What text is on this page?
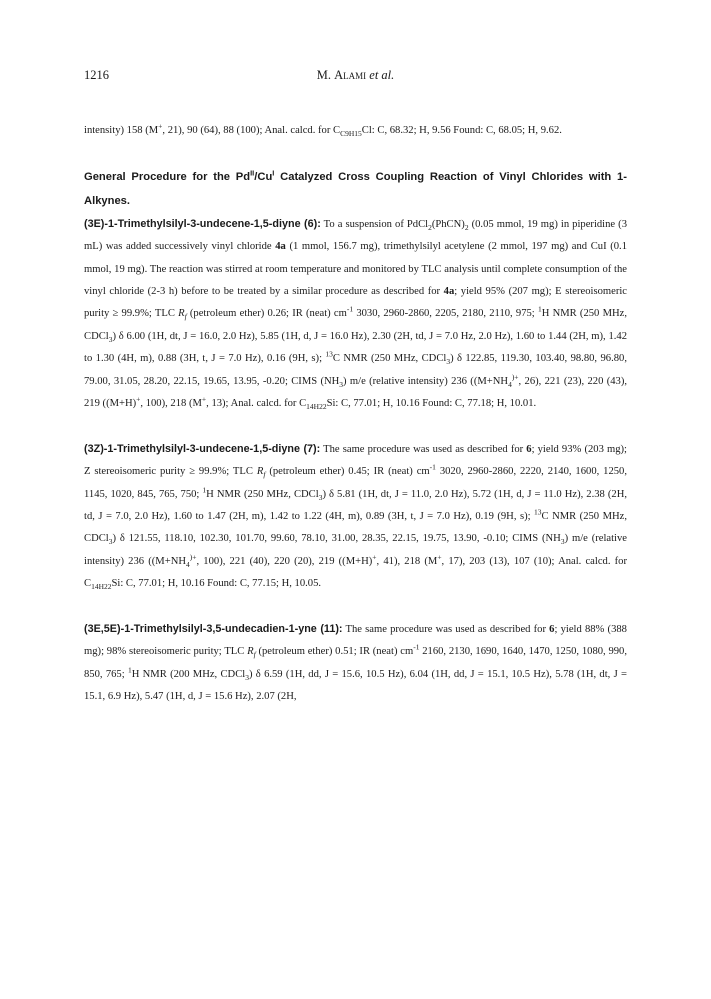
1216	M. Alami et al.

intensity) 158 (M+, 21), 90 (64), 88 (100); Anal. calcd. for $C_{C9H15}Cl$: C, 68.32; H, 9.56 Found: C, 68.05; H, 9.62.

General Procedure for the $Pd^{II}/Cu^I$ Catalyzed Cross Coupling Reaction of Vinyl Chlorides with 1-Alkynes.

(3E)-1-Trimethylsilyl-3-undecene-1,5-diyne (6): To a suspension of $PdCl_2(PhCN)_2$ (0.05 mmol, 19 mg) in piperidine (3 mL) was added successively vinyl chloride 4a (1 mmol, 156.7 mg), trimethylsilyl acetylene (2 mmol, 197 mg) and CuI (0.1 mmol, 19 mg). The reaction was stirred at room temperature and monitored by TLC analysis until complete consumption of the vinyl chloride (2-3 h) before to be treated by a similar procedure as described for 4a; yield 95% (207 mg); E stereoisomeric purity ≥ 99.9%; TLC $R_f$ (petroleum ether) 0.26; IR (neat) $cm^{-1}$ 3030, 2960-2860, 2205, 2180, 2110, 975; $^1$H NMR (250 MHz, CDCl$_3$) δ 6.00 (1H, dt, J = 16.0, 2.0 Hz), 5.85 (1H, d, J = 16.0 Hz), 2.30 (2H, td, J = 7.0 Hz, 2.0 Hz), 1.60 to 1.44 (2H, m), 1.42 to 1.30 (4H, m), 0.88 (3H, t, J = 7.0 Hz), 0.16 (9H, s); $^{13}$C NMR (250 MHz, CDCl$_3$) δ 122.85, 119.30, 103.40, 98.80, 96.80, 79.00, 31.05, 28.20, 22.15, 19.65, 13.95, -0.20; CIMS $(NH_3)$ m/e (relative intensity) 236 (($M+NH_4^{)+}$, 26), 221 (23), 220 (43), 219 ((M+H)+, 100), 218 (M+, 13); Anal. calcd. for $C_{14H22}Si$: C, 77.01; H, 10.16 Found: C, 77.18; H, 10.01.

(3Z)-1-Trimethylsilyl-3-undecene-1,5-diyne (7): The same procedure was used as described for 6; yield 93% (203 mg); Z stereoisomeric purity ≥ 99.9%; TLC $R_f$ (petroleum ether) 0.45; IR (neat) $cm^{-1}$ 3020, 2960-2860, 2220, 2140, 1600, 1250, 1145, 1020, 845, 765, 750; $^1$H NMR (250 MHz, CDCl$_3$) δ 5.81 (1H, dt, J = 11.0, 2.0 Hz), 5.72 (1H, d, J = 11.0 Hz), 2.38 (2H, td, J = 7.0, 2.0 Hz), 1.60 to 1.47 (2H, m), 1.42 to 1.22 (4H, m), 0.89 (3H, t, J = 7.0 Hz), 0.19 (9H, s); $^{13}$C NMR (250 MHz, CDCl$_3$) δ 121.55, 118.10, 102.30, 101.70, 99.60, 78.10, 31.00, 28.35, 22.15, 19.75, 13.90, -0.10; CIMS $(NH_3)$ m/e (relative intensity) 236 (($M+NH_4^{)+}$, 100), 221 (40), 220 (20), 219 ((M+H)+, 41), 218 (M+, 17), 203 (13), 107 (10); Anal. calcd. for $C_{14H22}Si$: C, 77.01; H, 10.16 Found: C, 77.15; H, 10.05.

(3E,5E)-1-Trimethylsilyl-3,5-undecadien-1-yne (11): The same procedure was used as described for 6; yield 88% (388 mg); 98% stereoisomeric purity; TLC $R_f$ (petroleum ether) 0.51; IR (neat) $cm^{-1}$ 2160, 2130, 1690, 1640, 1470, 1250, 1080, 990, 850, 765; $^1$H NMR (200 MHz, CDCl$_3$) δ 6.59 (1H, dd, J = 15.6, 10.5 Hz), 6.04 (1H, dd, J = 15.1, 10.5 Hz), 5.78 (1H, dt, J = 15.1, 6.9 Hz), 5.47 (1H, d, J = 15.6 Hz), 2.07 (2H,
